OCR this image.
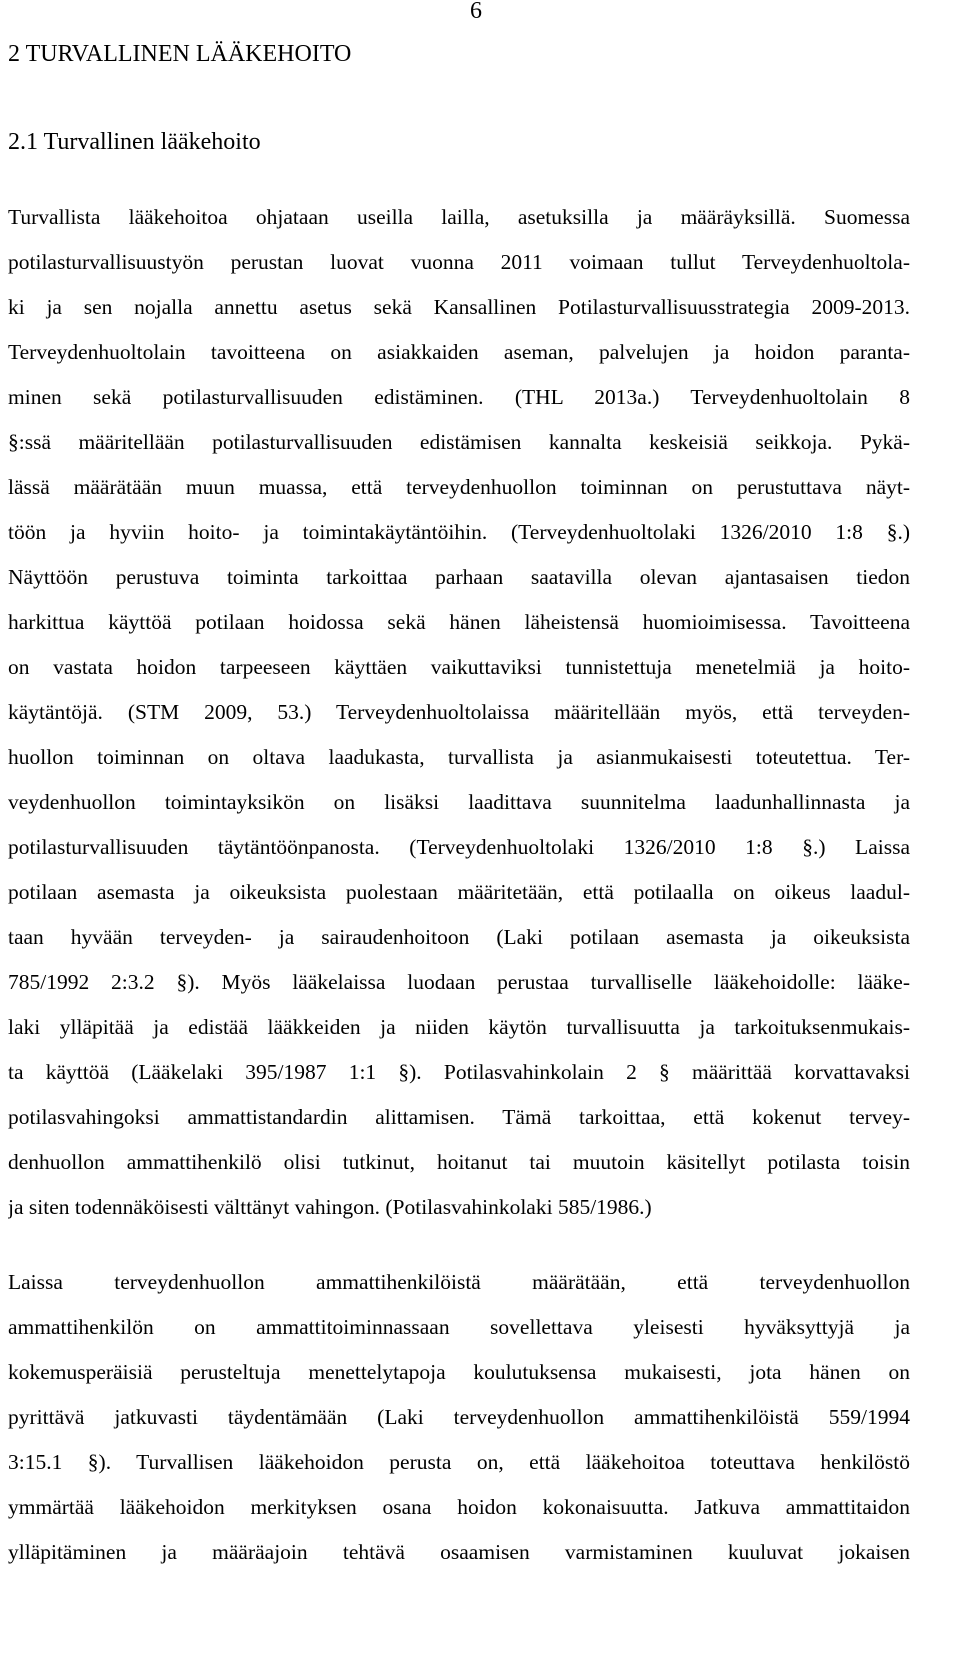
6
2 TURVALLINEN LÄÄKEHOITO
2.1 Turvallinen lääkehoito
Turvallista lääkehoitoa ohjataan useilla lailla, asetuksilla ja määräyksillä. Suomessa
potilasturvallisuustyön perustan luovat vuonna 2011 voimaan tullut Terveydenhuoltola-
ki ja sen nojalla annettu asetus sekä Kansallinen Potilasturvallisuusstrategia 2009-2013.
Terveydenhuoltolain tavoitteena on asiakkaiden aseman, palvelujen ja hoidon paranta-
minen sekä potilasturvallisuuden edistäminen. (THL 2013a.) Terveydenhuoltolain 8
§:ssä määritellään potilasturvallisuuden edistämisen kannalta keskeisiä seikkoja. Pykä-
lässä määrätään muun muassa, että terveydenhuollon toiminnan on perustuttava näyt-
töön ja hyviin hoito- ja toimintakäytäntöihin. (Terveydenhuoltolaki 1326/2010 1:8 §.)
Näyttöön perustuva toiminta tarkoittaa parhaan saatavilla olevan ajantasaisen tiedon
harkittua käyttöä potilaan hoidossa sekä hänen läheistensä huomioimisessa. Tavoitteena
on vastata hoidon tarpeeseen käyttäen vaikuttaviksi tunnistettuja menetelmiä ja hoito-
käytäntöjä. (STM 2009, 53.) Terveydenhuoltolaissa määritellään myös, että terveyden-
huollon toiminnan on oltava laadukasta, turvallista ja asianmukaisesti toteutettua. Ter-
veydenhuollon toimintayksikön on lisäksi laadittava suunnitelma laadunhallinnasta ja
potilasturvallisuuden täytäntöönpanosta. (Terveydenhuoltolaki 1326/2010 1:8 §.) Laissa
potilaan asemasta ja oikeuksista puolestaan määritetään, että potilaalla on oikeus laadul-
taan hyvään terveyden- ja sairaudenhoitoon (Laki potilaan asemasta ja oikeuksista
785/1992 2:3.2 §). Myös lääkelaissa luodaan perustaa turvalliselle lääkehoidolle: lääke-
laki ylläpitää ja edistää lääkkeiden ja niiden käytön turvallisuutta ja tarkoituksenmukais-
ta käyttöä (Lääkelaki 395/1987 1:1 §). Potilasvahinkolain 2 § määrittää korvattavaksi
potilasvahingoksi ammattistandardin alittamisen. Tämä tarkoittaa, että kokenut tervey-
denhuollon ammattihenkilö olisi tutkinut, hoitanut tai muutoin käsitellyt potilasta toisin
ja siten todennäköisesti välttänyt vahingon. (Potilasvahinkolaki 585/1986.)
Laissa terveydenhuollon ammattihenkilöistä määrätään, että terveydenhuollon
ammattihenkilön on ammattitoiminnassaan sovellettava yleisesti hyväksyttyjä ja
kokemusperäisiä perusteltuja menettelytapoja koulutuksensa mukaisesti, jota hänen on
pyrittävä jatkuvasti täydentämään (Laki terveydenhuollon ammattihenkilöistä 559/1994
3:15.1 §). Turvallisen lääkehoidon perusta on, että lääkehoitoa toteuttava henkilöstö
ymmärtää lääkehoidon merkityksen osana hoidon kokonaisuutta. Jatkuva ammattitaidon
ylläpitäminen ja määräajoin tehtävä osaamisen varmistaminen kuuluvat jokaisen
